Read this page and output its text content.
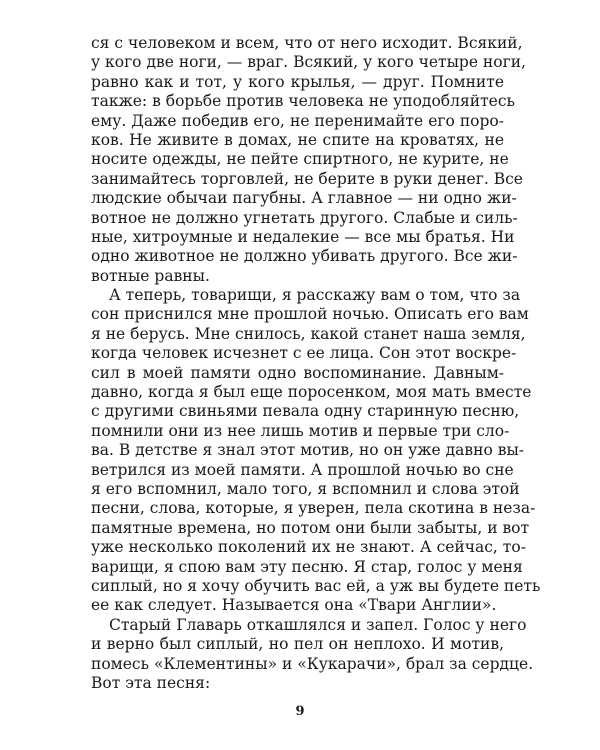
ся с человеком и всем, что от него исходит. Всякий,
у кого две ноги, — враг. Всякий, у кого четыре ноги,
равно как и тот, у кого крылья, — друг. Помните
также: в борьбе против человека не уподобляйтесь
ему. Даже победив его, не перенимайте его поро-
ков. Не живите в домах, не спите на кроватях, не
носите одежды, не пейте спиртного, не курите, не
занимайтесь торговлей, не берите в руки денег. Все
людские обычаи пагубны. А главное — ни одно жи-
вотное не должно угнетать другого. Слабые и силь-
ные, хитроумные и недалекие — все мы братья. Ни
одно животное не должно убивать другого. Все жи-
вотные равны.
А теперь, товарищи, я расскажу вам о том, что за
сон приснился мне прошлой ночью. Описать его вам
я не берусь. Мне снилось, какой станет наша земля,
когда человек исчезнет с ее лица. Сон этот воскре-
сил в моей памяти одно воспоминание. Давным-
давно, когда я был еще поросенком, моя мать вместе
с другими свиньями певала одну старинную песню,
помнили они из нее лишь мотив и первые три сло-
ва. В детстве я знал этот мотив, но он уже давно вы-
ветрился из моей памяти. А прошлой ночью во сне
я его вспомнил, мало того, я вспомнил и слова этой
песни, слова, которые, я уверен, пела скотина в неза-
памятные времена, но потом они были забыты, и вот
уже несколько поколений их не знают. А сейчас, то-
варищи, я спою вам эту песню. Я стар, голос у меня
сиплый, но я хочу обучить вас ей, а уж вы будете петь
ее как следует. Называется она «Твари Англии».
Старый Главарь откашлялся и запел. Голос у него
и верно был сиплый, но пел он неплохо. И мотив,
помесь «Клементины» и «Кукарачи», брал за сердце.
Вот эта песня:
9
